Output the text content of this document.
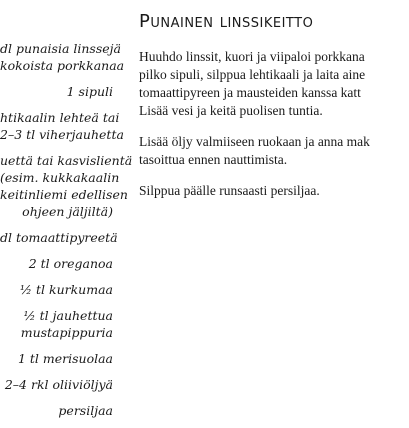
dl punaisia linssejä
kokoista porkkanaa
1 sipuli
htikaalin lehteä tai
2–3 tl viherjauhetta
uettä tai kasvislientä
(esim. kukkakaalin
keitinliemi edellisen
ohjeen jäljiltä)
dl tomaattipyreetä
2 tl oreganoa
½ tl kurkumaa
½ tl jauhettua
mustapippuria
1 tl merisuolaa
2–4 rkl oliiviöljyä
persiljaa
Punainen linssikeitto
Huuhdo linssit, kuori ja viipaloi porkkana
pilko sipuli, silppua lehtikaali ja laita aine
tomaattipyreen ja mausteiden kanssa katt
Lisää vesi ja keitä puolisen tuntia.
Lisää öljy valmiiseen ruokaan ja anna mak
tasoittua ennen nauttimista.
Silppua päälle runsaasti persiljaa.
